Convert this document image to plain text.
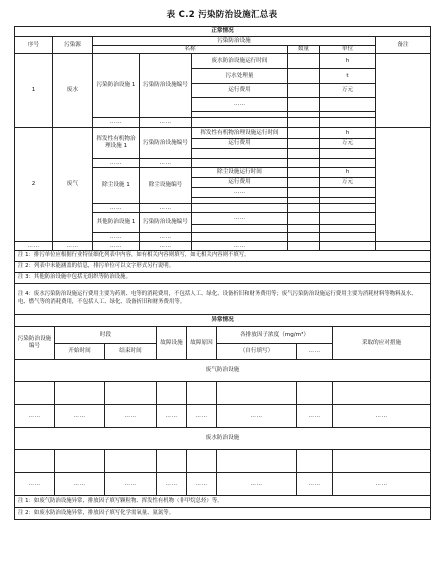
表 C.2 污染防治设施汇总表
正常情况							
序号	污染源	污染防治设施					备注
		名称			数量	单位	
1	废水	污染防治设施 1	污染防治设施编号	废水防治设施运行时间		h	
				污水处理量		t	
				运行费用		万元	
				……			

		……	……				
2	废气	挥发性有机物治理设施 1	污染防治设施编号	挥发性有机物治理设施运行时间		h	
				运行费用		万元	

		……	……				
		除尘设施 1	除尘设施编号	除尘设施运行时间		h	
				运行费用		万元	
				……			

		……	……				
		其他防治设施 1	污染防治设施编号	……			

		……	……				
……	……	……	……	……			
注 1：排污单位应根据行业特征细化列表中内容，如有相关内容则填写，如无相关内容则不填写。							
注 2：列表中未能涵盖的信息，排污单位可以文字形式另行说明。							
注 3：其他防治设施中包括无组织等防治设施。							
注 4：废水污染防治设施运行费用主要为药剂、电等的消耗费用，不包括人工、绿化、设备折旧和财务费用等；废气污染防治设施运行费用主要为消耗材料等物料及水、电、燃气等的消耗费用，不包括人工、绿化、设备折旧和财务费用等。							
异常情况							
污染防治设施编号	时段		故障设施	故障原因	各排放因子浓度（mg/m³）		采取的应对措施
	开始时间	结束时间			（自行填写）	……	
废气防治设施							

……	……	……	……	……	……	……	……
废水防治设施							

……	……	……	……	……	……	……	……
注 1：如废气防治设施异常，排放因子填写颗粒物、挥发性有机物（非甲烷总烃）等。							
注 2：如废水防治设施异常，排放因子填写化学需氧量、氨氮等。							
